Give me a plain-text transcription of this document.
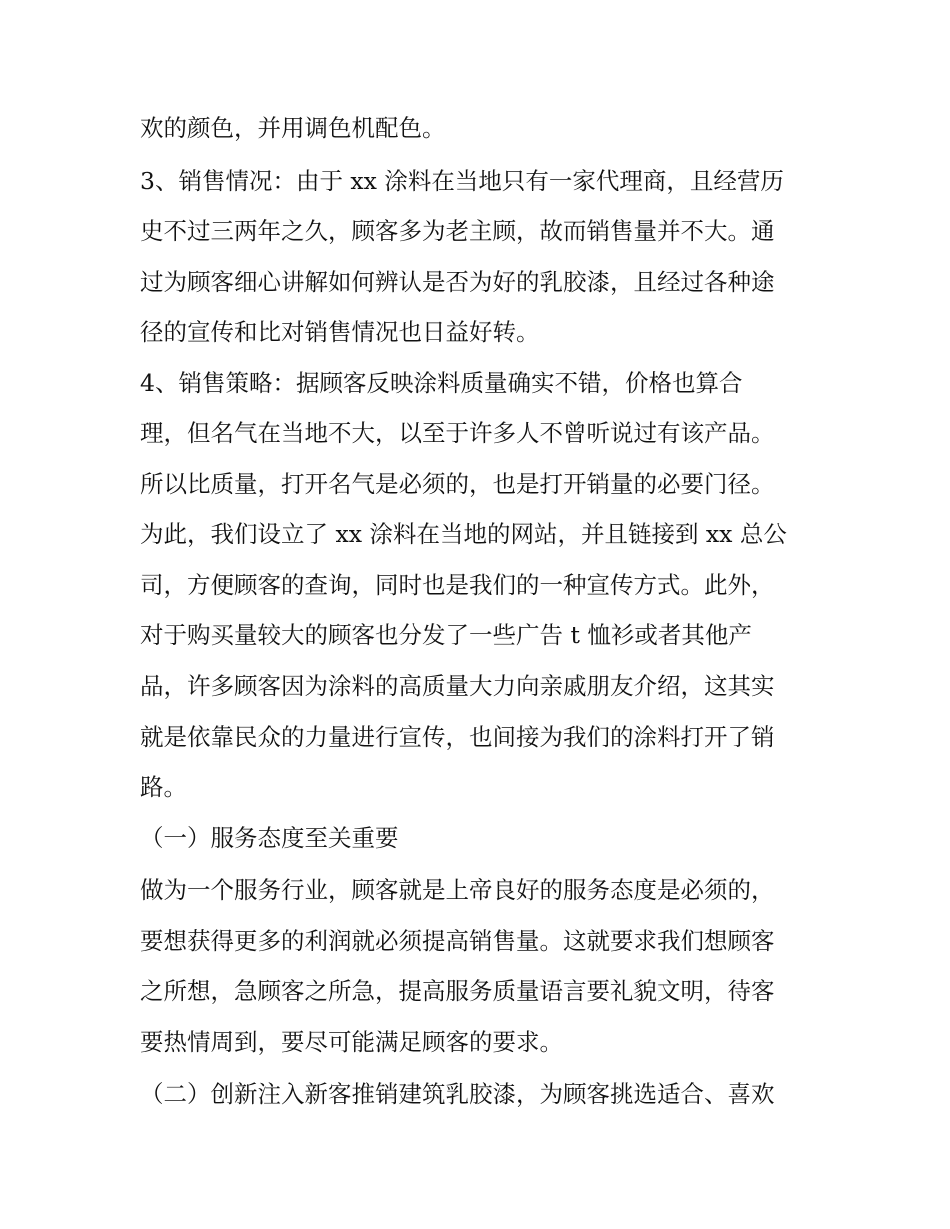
欢的颜色，并用调色机配色。
3、销售情况：由于 xx 涂料在当地只有一家代理商，且经营历
史不过三两年之久，顾客多为老主顾，故而销售量并不大。通
过为顾客细心讲解如何辨认是否为好的乳胶漆，且经过各种途
径的宣传和比对销售情况也日益好转。
4、销售策略：据顾客反映涂料质量确实不错，价格也算合
理，但名气在当地不大，以至于许多人不曾听说过有该产品。
所以比质量，打开名气是必须的，也是打开销量的必要门径。
为此，我们设立了 xx 涂料在当地的网站，并且链接到 xx 总公
司，方便顾客的查询，同时也是我们的一种宣传方式。此外，
对于购买量较大的顾客也分发了一些广告 t 恤衫或者其他产
品，许多顾客因为涂料的高质量大力向亲戚朋友介绍，这其实
就是依靠民众的力量进行宣传，也间接为我们的涂料打开了销
路。
（一）服务态度至关重要
做为一个服务行业，顾客就是上帝良好的服务态度是必须的，
要想获得更多的利润就必须提高销售量。这就要求我们想顾客
之所想，急顾客之所急，提高服务质量语言要礼貌文明，待客
要热情周到，要尽可能满足顾客的要求。
（二）创新注入新客推销建筑乳胶漆，为顾客挑选适合、喜欢
